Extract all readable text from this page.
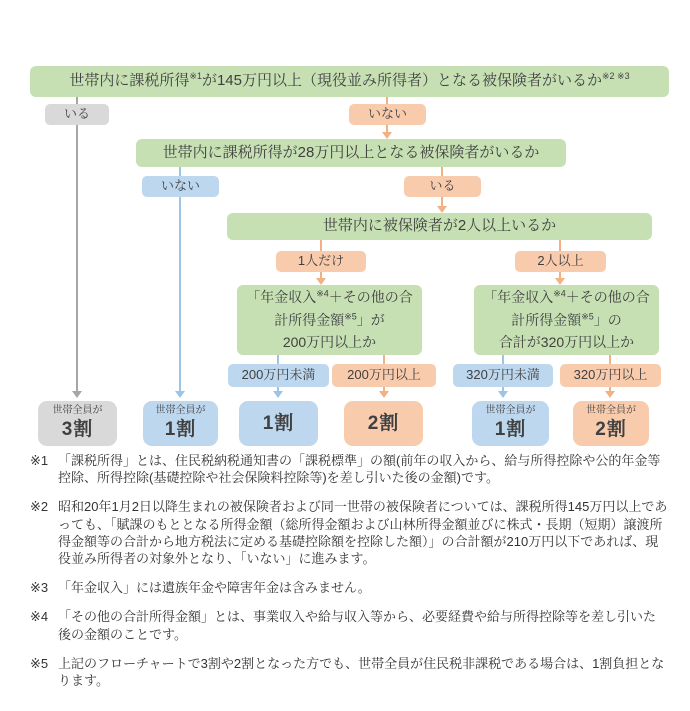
世帯内に課税所得$^{※1}$が145万円以上（現役並み所得者）となる被保険者がいるか$^{※2 ※3}$
いる	いない
世帯内に課税所得が28万円以上となる被保険者がいるか
いない	いる
世帯内に被保険者が2人以上いるか
1人だけ	2人以上
「年金収入$^{※4}$＋その他の合計所得金額$^{※5}$」が
200万円以上か
「年金収入$^{※4}$＋その他の合計所得金額$^{※5}$」の
合計が320万円以上か
200万円未満 200万円以上	320万円未満	320万円以上
世帯全員が
3割
世帯全員が
1割	1割	2割
世帯全員が
1割
世帯全員が
2割
※1 「課税所得」とは、住民税納税通知書の「課税標準」の額(前年の収入から、給与所得控除や公的年金等控除、所得控除(基礎控除や社会保険料控除等)を差し引いた後の金額)です。
※2 昭和20年1月2日以降生まれの被保険者および同一世帯の被保険者については、課税所得145万円以上であっても、「賦課のもととなる所得金額（総所得金額および山林所得金額並びに株式・長期（短期）譲渡所得金額等の合計から地方税法に定める基礎控除額を控除した額）」の合計額が210万円以下であれば、現役並み所得者の対象外となり、「いない」に進みます。
※3 「年金収入」には遺族年金や障害年金は含みません。
※4 「その他の合計所得金額」とは、事業収入や給与収入等から、必要経費や給与所得控除等を差し引いた後の金額のことです。
※5 上記のフローチャートで3割や2割となった方でも、世帯全員が住民税非課税である場合は、1割負担となります。
